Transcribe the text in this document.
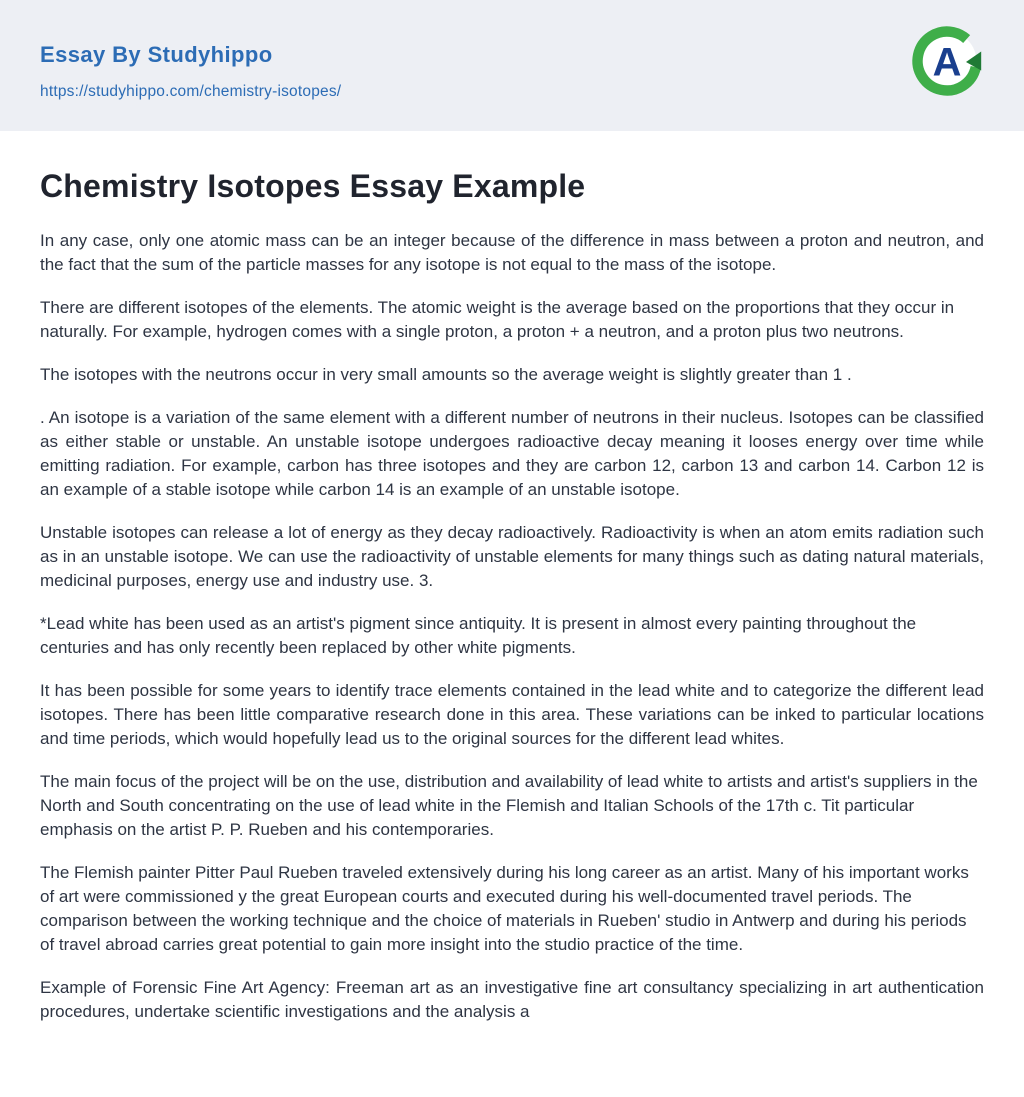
Essay By Studyhippo
https://studyhippo.com/chemistry-isotopes/
A
Chemistry Isotopes Essay Example

In any case, only one atomic mass can be an integer because of the difference in mass between a proton and neutron, and the fact that the sum of the particle masses for any isotope is not equal to the mass of the isotope.

There are different isotopes of the elements. The atomic weight is the average based on the proportions that they occur in naturally. For example, hydrogen comes with a single proton, a proton + a neutron, and a proton plus two neutrons.

The isotopes with the neutrons occur in very small amounts so the average weight is slightly greater than 1 .

. An isotope is a variation of the same element with a different number of neutrons in their nucleus. Isotopes can be classified as either stable or unstable. An unstable isotope undergoes radioactive decay meaning it looses energy over time while emitting radiation. For example, carbon has three isotopes and they are carbon 12, carbon 13 and carbon 14. Carbon 12 is an example of a stable isotope while carbon 14 is an example of an unstable isotope.

Unstable isotopes can release a lot of energy as they decay radioactively. Radioactivity is when an atom emits radiation such as in an unstable isotope. We can use the radioactivity of unstable elements for many things such as dating natural materials, medicinal purposes, energy use and industry use. 3.

*Lead white has been used as an artist's pigment since antiquity. It is present in almost every painting throughout the centuries and has only recently been replaced by other white pigments.

It has been possible for some years to identify trace elements contained in the lead white and to categorize the different lead isotopes. There has been little comparative research done in this area. These variations can be inked to particular locations and time periods, which would hopefully lead us to the original sources for the different lead whites.

The main focus of the project will be on the use, distribution and availability of lead white to artists and artist's suppliers in the North and South concentrating on the use of lead white in the Flemish and Italian Schools of the 17th c. Tit particular emphasis on the artist P. P. Rueben and his contemporaries.

The Flemish painter Pitter Paul Rueben traveled extensively during his long career as an artist. Many of his important works of art were commissioned y the great European courts and executed during his well-documented travel periods. The comparison between the working technique and the choice of materials in Rueben' studio in Antwerp and during his periods of travel abroad carries great potential to gain more insight into the studio practice of the time.

Example of Forensic Fine Art Agency: Freeman art as an investigative fine art consultancy specializing in art authentication procedures, undertake scientific investigations and the analysis a
